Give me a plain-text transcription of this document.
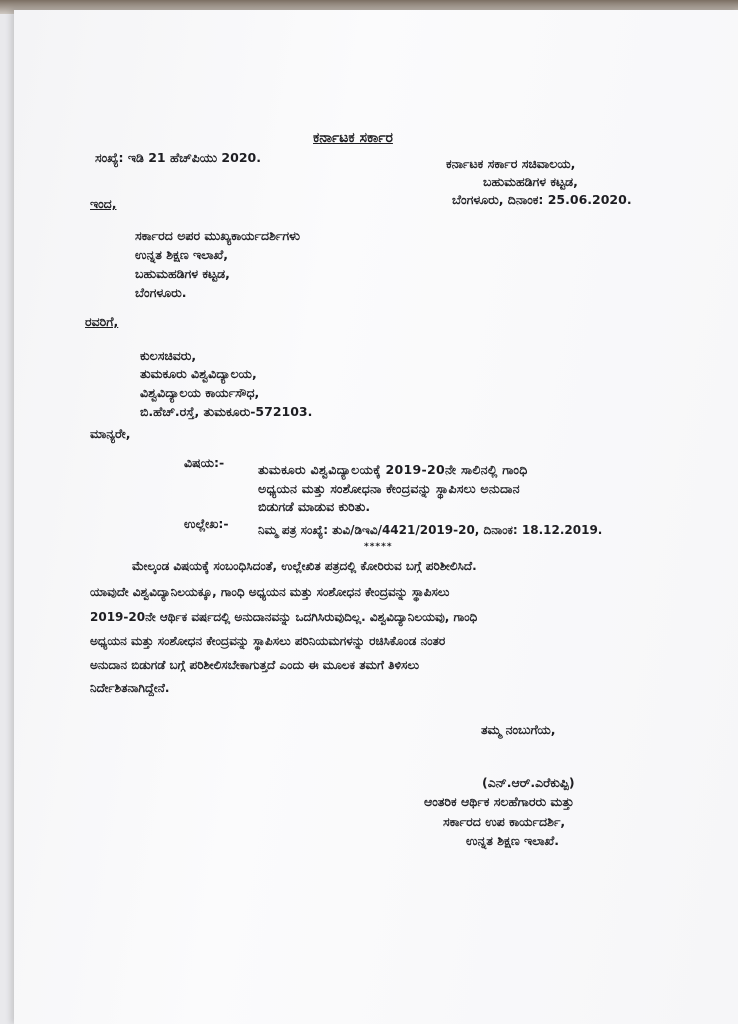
ಕರ್ನಾಟಕ ಸರ್ಕಾರ
ಸಂಖ್ಯೆ: ಇಡಿ 21 ಹೆಚ್‌ಪಿಯು 2020.	ಕರ್ನಾಟಕ ಸರ್ಕಾರ ಸಚಿವಾಲಯ,
ಬಹುಮಹಡಿಗಳ ಕಟ್ಟಡ,
ಬೆಂಗಳೂರು, ದಿನಾಂಕ: 25.06.2020.
ಇಂದ,
ಸರ್ಕಾರದ ಅಪರ ಮುಖ್ಯಕಾರ್ಯದರ್ಶಿಗಳು
ಉನ್ನತ ಶಿಕ್ಷಣ ಇಲಾಖೆ,
ಬಹುಮಹಡಿಗಳ ಕಟ್ಟಡ,
ಬೆಂಗಳೂರು.
ರವರಿಗೆ,
ಕುಲಸಚಿವರು,
ತುಮಕೂರು ವಿಶ್ವವಿದ್ಯಾಲಯ,
ವಿಶ್ವವಿದ್ಯಾಲಯ ಕಾರ್ಯಸೌಧ,
ಬಿ.ಹೆಚ್.ರಸ್ತೆ, ತುಮಕೂರು-572103.
ಮಾನ್ಯರೇ,
ವಿಷಯ:-	ತುಮಕೂರು ವಿಶ್ವವಿದ್ಯಾಲಯಕ್ಕೆ 2019-20ನೇ ಸಾಲಿನಲ್ಲಿ ಗಾಂಧಿ
ಅಧ್ಯಯನ ಮತ್ತು ಸಂಶೋಧನಾ ಕೇಂದ್ರವನ್ನು ಸ್ಥಾಪಿಸಲು ಅನುದಾನ
ಬಿಡುಗಡೆ ಮಾಡುವ ಕುರಿತು.
ಉಲ್ಲೇಖ:- ನಿಮ್ಮ ಪತ್ರ ಸಂಖ್ಯೆ: ತುವಿ/ಡಿಇವಿ/4421/2019-20, ದಿನಾಂಕ: 18.12.2019.
*****
ಮೇಲ್ಕಂಡ ವಿಷಯಕ್ಕೆ ಸಂಬಂಧಿಸಿದಂತೆ, ಉಲ್ಲೇಖಿತ ಪತ್ರದಲ್ಲಿ ಕೋರಿರುವ ಬಗ್ಗೆ ಪರಿಶೀಲಿಸಿದೆ.
ಯಾವುದೇ ವಿಶ್ವವಿದ್ಯಾನಿಲಯಕ್ಕೂ, ಗಾಂಧಿ ಅಧ್ಯಯನ ಮತ್ತು ಸಂಶೋಧನ ಕೇಂದ್ರವನ್ನು ಸ್ಥಾಪಿಸಲು
2019-20ನೇ ಆರ್ಥಿಕ ವರ್ಷದಲ್ಲಿ ಅನುದಾನವನ್ನು ಒದಗಿಸಿರುವುದಿಲ್ಲ. ವಿಶ್ವವಿದ್ಯಾನಿಲಯವು, ಗಾಂಧಿ
ಅಧ್ಯಯನ ಮತ್ತು ಸಂಶೋಧನ ಕೇಂದ್ರವನ್ನು ಸ್ಥಾಪಿಸಲು ಪರಿನಿಯಮಗಳನ್ನು ರಚಿಸಿಕೊಂಡ ನಂತರ
ಅನುದಾನ ಬಿಡುಗಡೆ ಬಗ್ಗೆ ಪರಿಶೀಲಿಸಬೇಕಾಗುತ್ತದೆ ಎಂದು ಈ ಮೂಲಕ ತಮಗೆ ತಿಳಿಸಲು
ನಿರ್ದೇಶಿತನಾಗಿದ್ದೇನೆ.
ತಮ್ಮ ನಂಬುಗೆಯ,
(ಎನ್.ಆರ್.ಎರೆಕುಪ್ಪಿ)
ಆಂತರಿಕ ಆರ್ಥಿಕ ಸಲಹೆಗಾರರು ಮತ್ತು
ಸರ್ಕಾರದ ಉಪ ಕಾರ್ಯದರ್ಶಿ,
ಉನ್ನತ ಶಿಕ್ಷಣ ಇಲಾಖೆ.
